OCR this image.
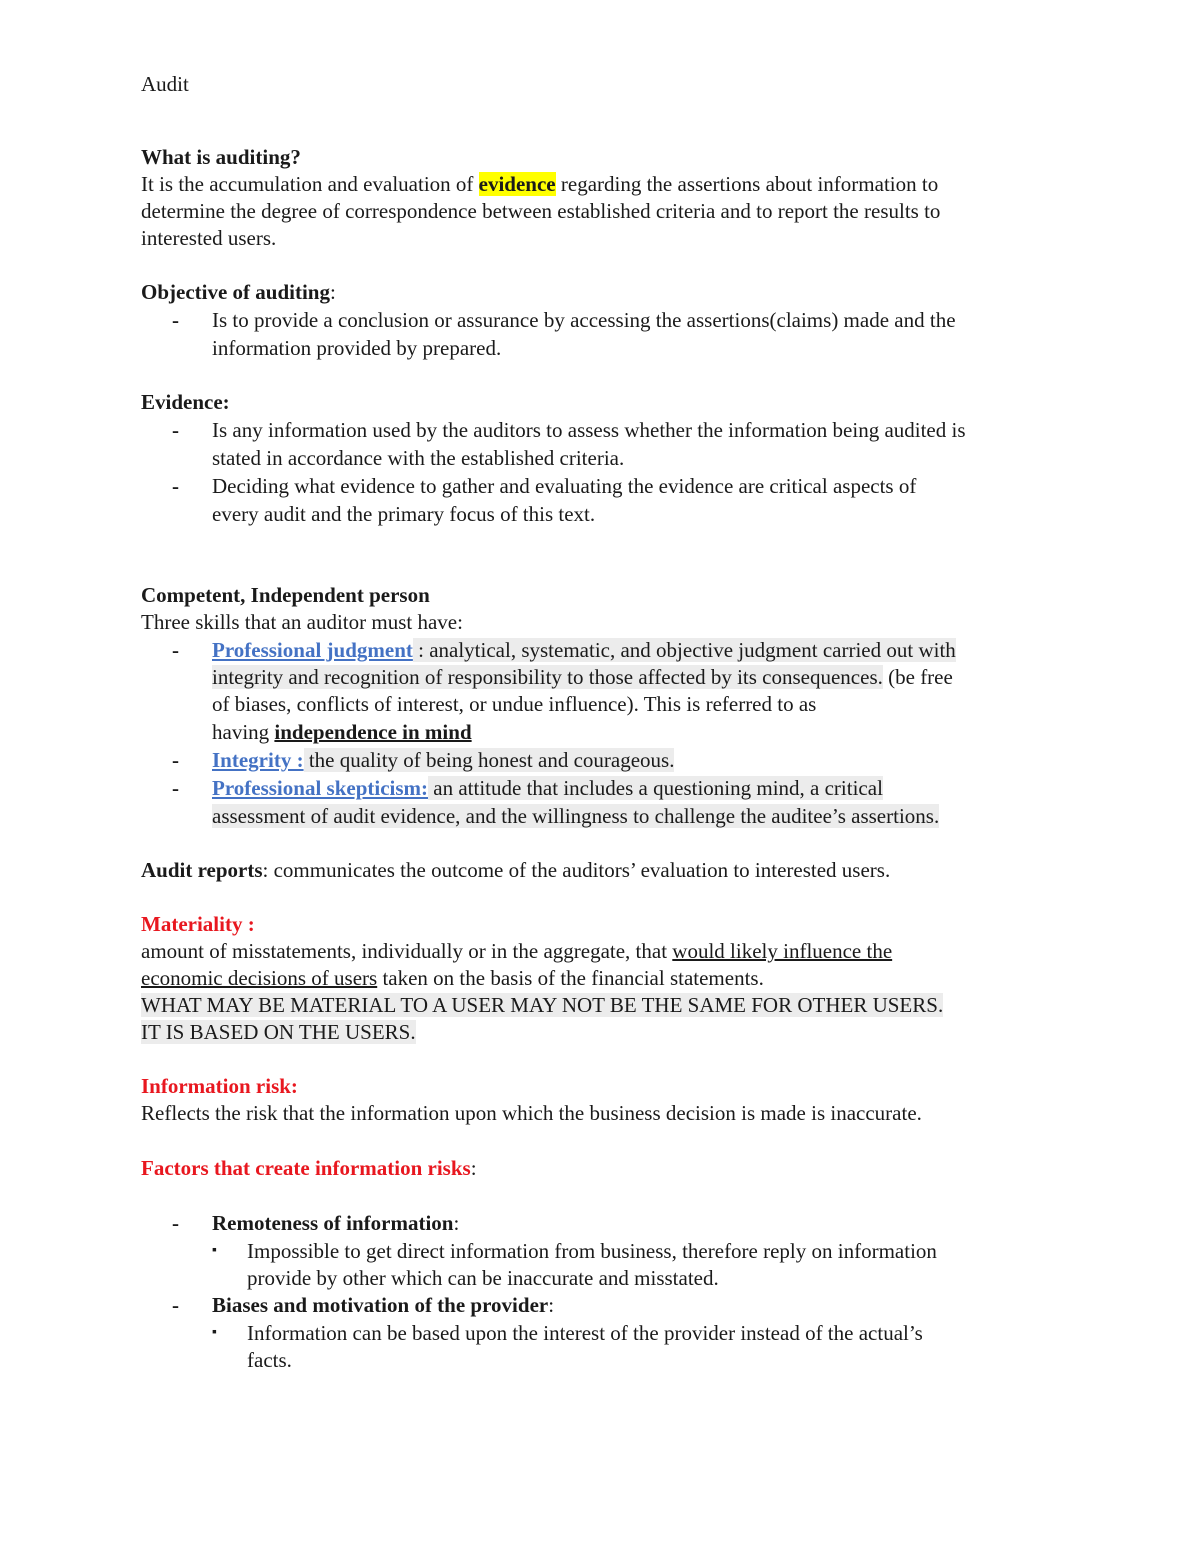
Audit
What is auditing?
It is the accumulation and evaluation of evidence regarding the assertions about information to
determine the degree of correspondence between established criteria and to report the results to
interested users.
Objective of auditing:
- Is to provide a conclusion or assurance by accessing the assertions(claims) made and the
information provided by prepared.
Evidence:
- Is any information used by the auditors to assess whether the information being audited is
stated in accordance with the established criteria.
- Deciding what evidence to gather and evaluating the evidence are critical aspects of
every audit and the primary focus of this text.
Competent, Independent person
Three skills that an auditor must have:
- Professional judgment : analytical, systematic, and objective judgment carried out with
integrity and recognition of responsibility to those affected by its consequences. (be free
of biases, conflicts of interest, or undue influence). This is referred to as
having independence in mind
- Integrity : the quality of being honest and courageous.
- Professional skepticism: an attitude that includes a questioning mind, a critical
assessment of audit evidence, and the willingness to challenge the auditee’s assertions.
Audit reports: communicates the outcome of the auditors’ evaluation to interested users.
Materiality :
amount of misstatements, individually or in the aggregate, that would likely influence the
economic decisions of users taken on the basis of the financial statements.
WHAT MAY BE MATERIAL TO A USER MAY NOT BE THE SAME FOR OTHER USERS.
IT IS BASED ON THE USERS.
Information risk:
Reflects the risk that the information upon which the business decision is made is inaccurate.
Factors that create information risks:
- Remoteness of information:
▪ Impossible to get direct information from business, therefore reply on information
provide by other which can be inaccurate and misstated.
- Biases and motivation of the provider:
▪ Information can be based upon the interest of the provider instead of the actual’s
facts.
